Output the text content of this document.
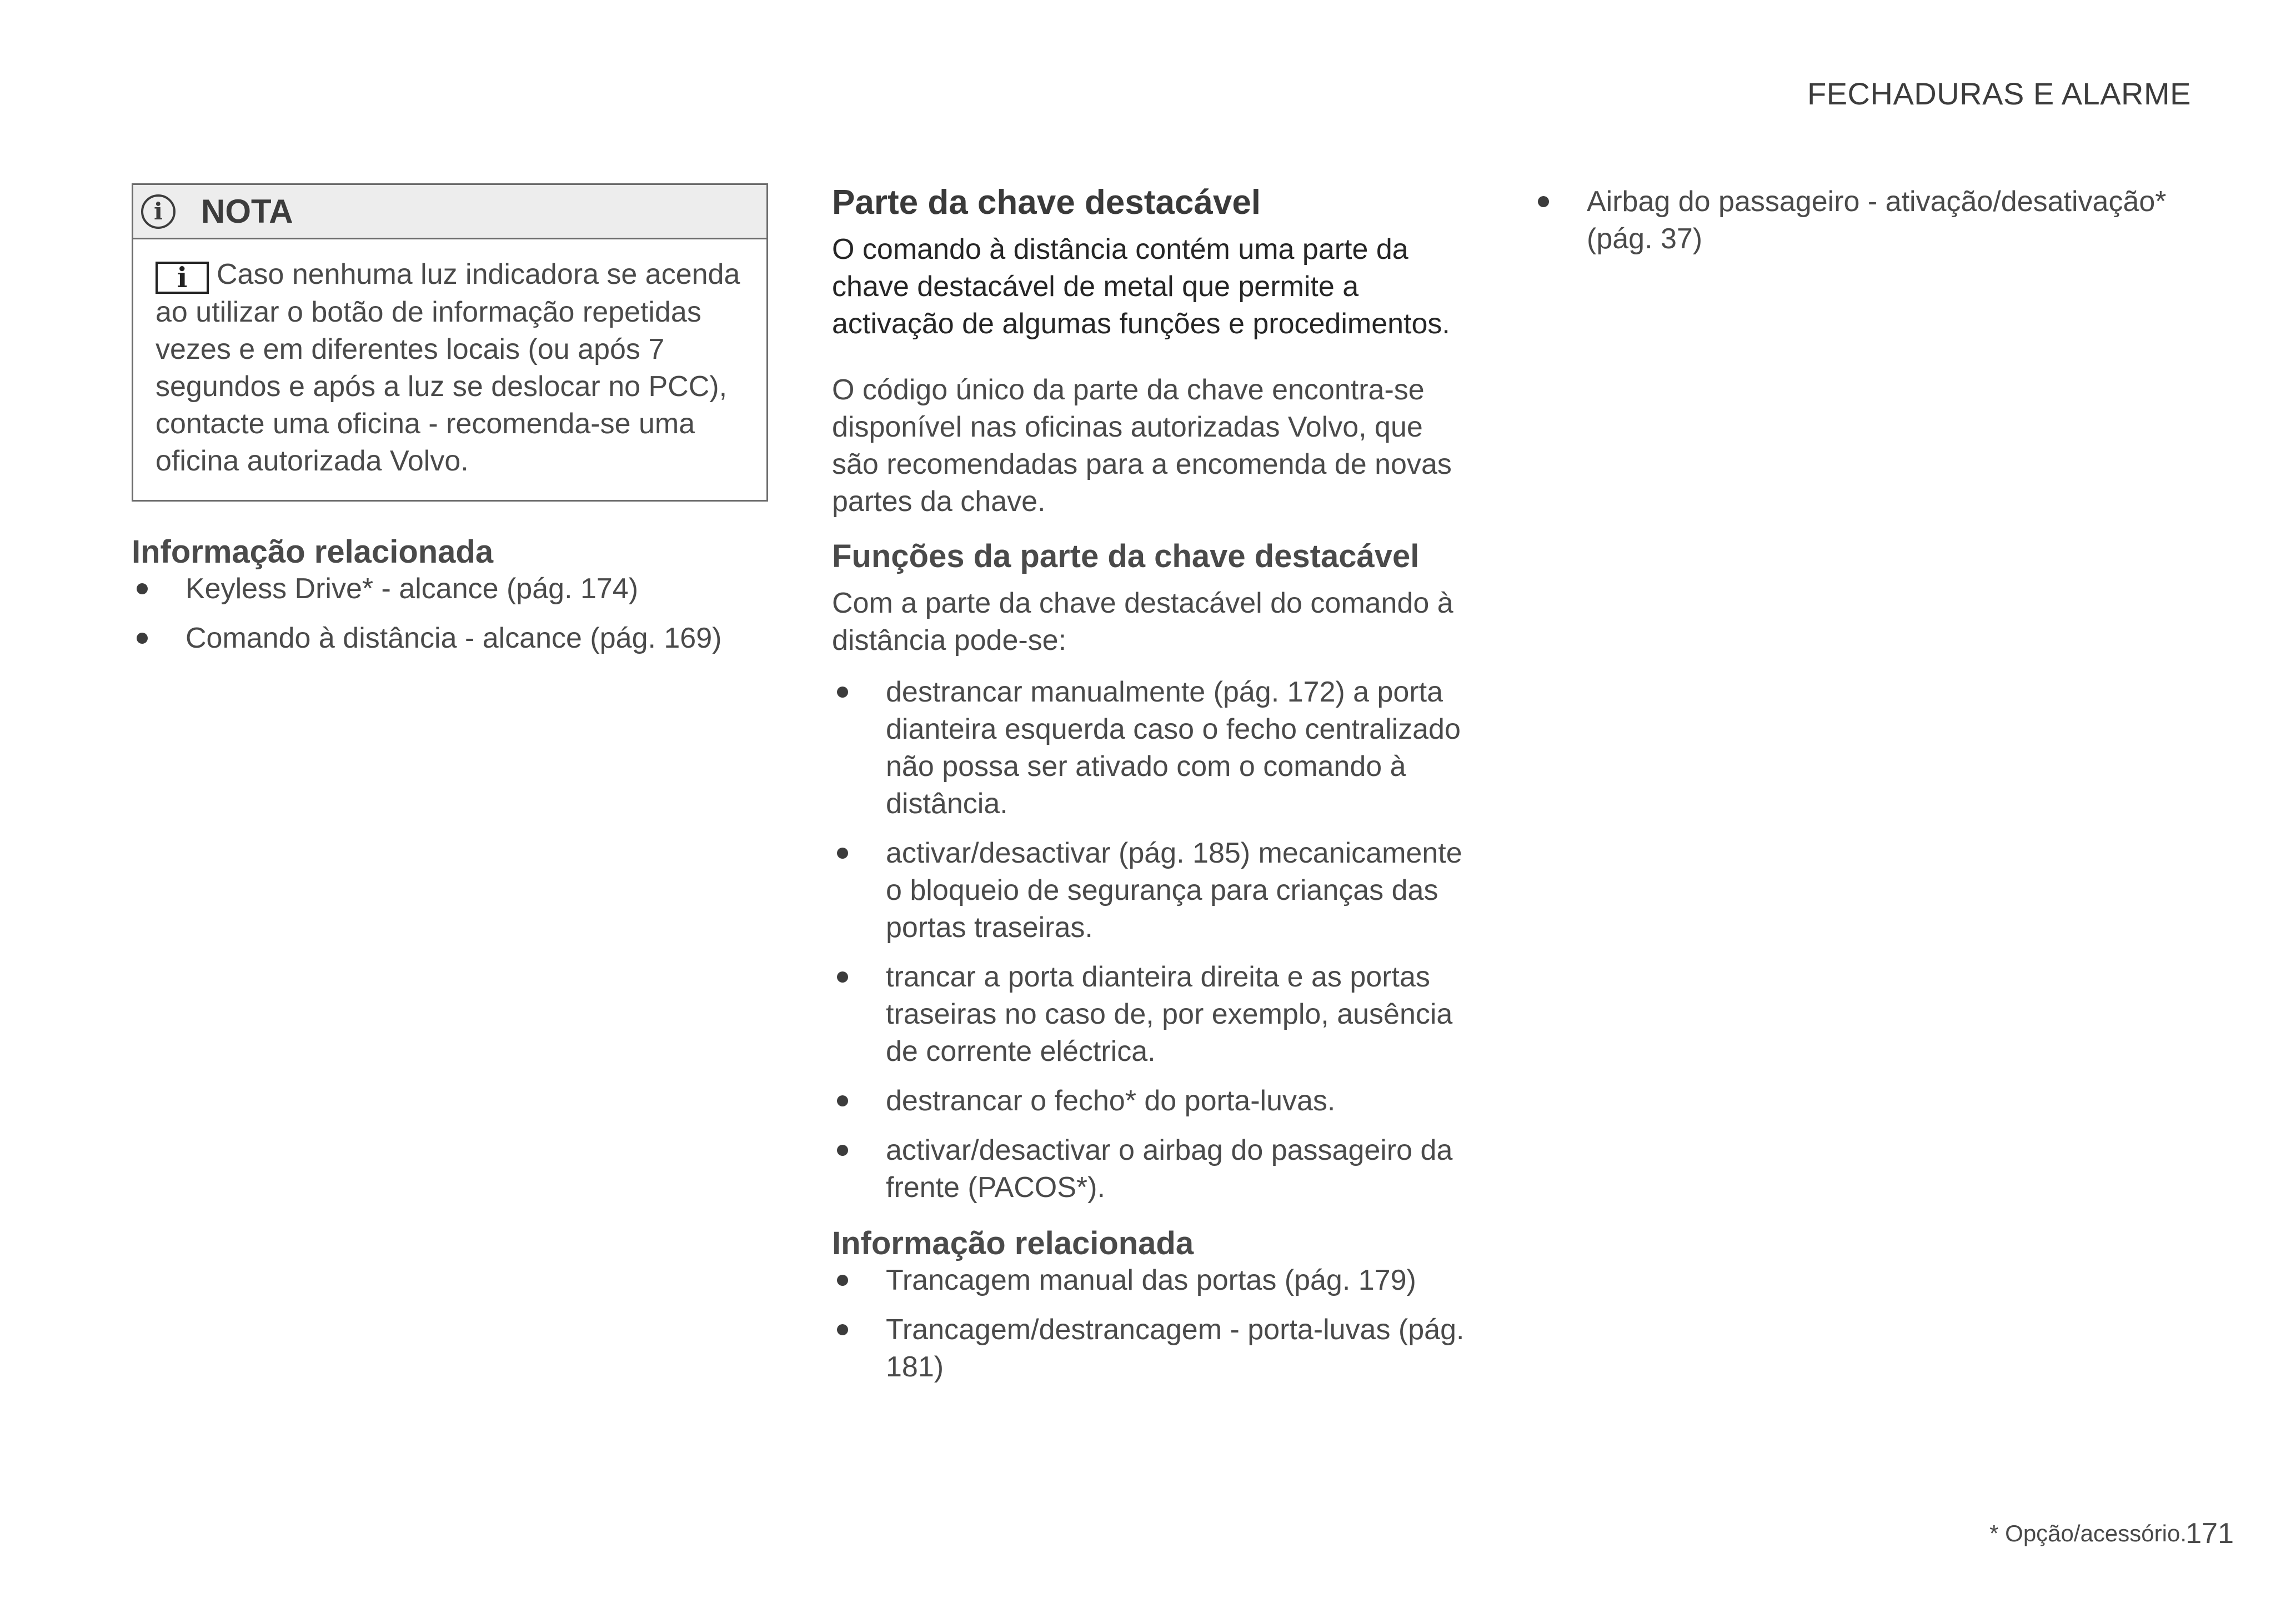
FECHADURAS E ALARME
i	NOTA
i Caso nenhuma luz indicadora se acenda ao utilizar o botão de informação repetidas vezes e em diferentes locais (ou após 7 segundos e após a luz se deslocar no PCC), contacte uma oficina - recomenda-se uma oficina autorizada Volvo.
Informação relacionada
Keyless Drive* - alcance (pág. 174)
Comando à distância - alcance (pág. 169)
Parte da chave destacável

O comando à distância contém uma parte da chave destacável de metal que permite a activação de algumas funções e procedimentos.

O código único da parte da chave encontra-se disponível nas oficinas autorizadas Volvo, que são recomendadas para a encomenda de novas partes da chave.

Funções da parte da chave destacável

Com a parte da chave destacável do comando à distância pode-se:

destrancar manualmente (pág. 172) a porta dianteira esquerda caso o fecho centralizado não possa ser ativado com o comando à distância.
activar/desactivar (pág. 185) mecanicamente o bloqueio de segurança para crianças das portas traseiras.
trancar a porta dianteira direita e as portas traseiras no caso de, por exemplo, ausência de corrente eléctrica.
destrancar o fecho* do porta-luvas.
activar/desactivar o airbag do passageiro da frente (PACOS*).
Informação relacionada
Trancagem manual das portas (pág. 179)
Trancagem/destrancagem - porta-luvas (pág. 181)
Airbag do passageiro - ativação/desativação* (pág. 37)
* Opção/acessório.
171
